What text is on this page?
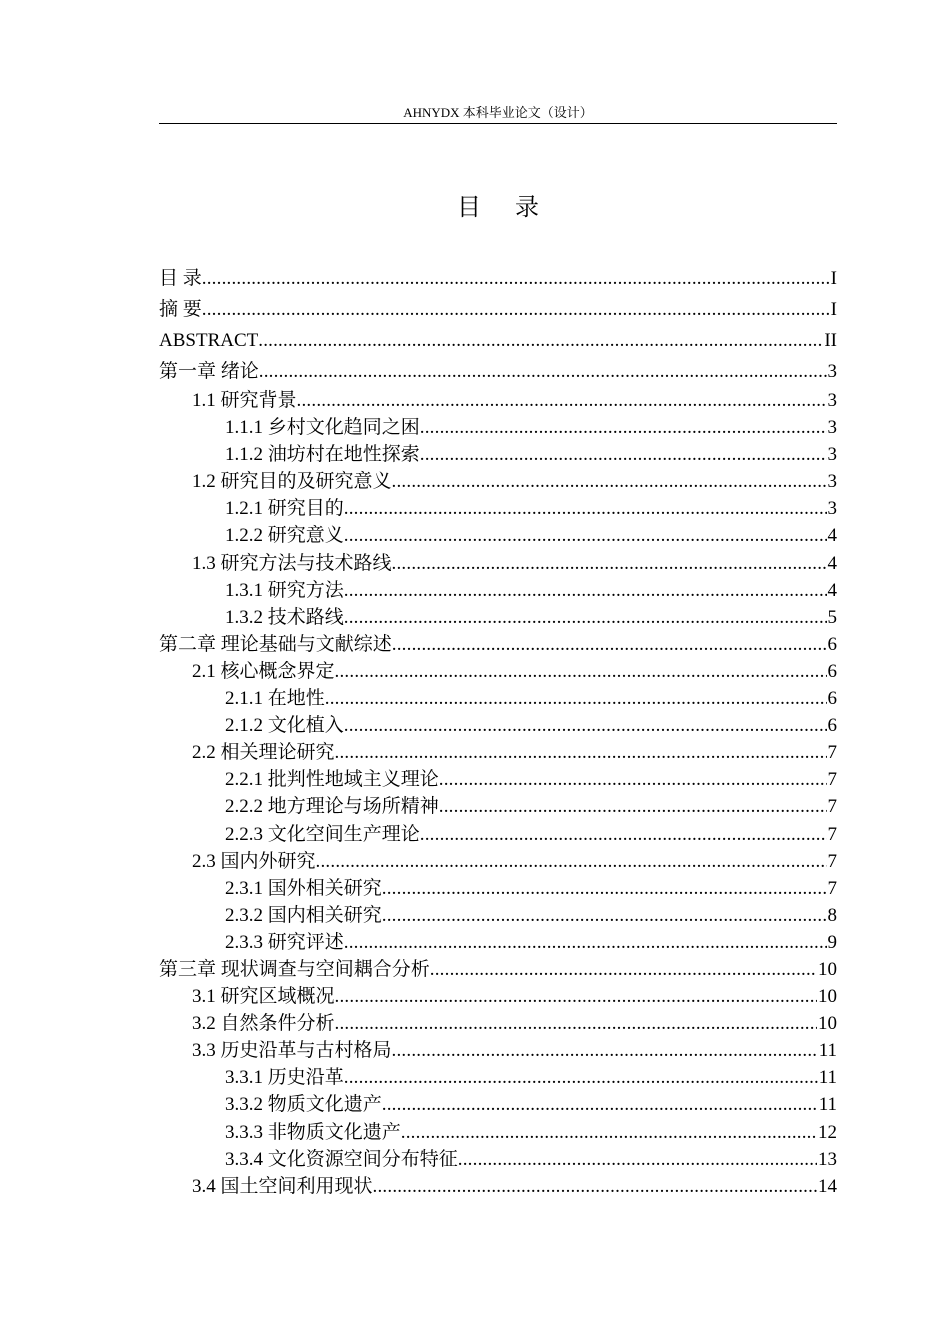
AHNYDX 本科毕业论文（设计）
目 录
目 录 .....	I
摘 要 .....	I
ABSTRACT .....	II
第一章 绪论 .....	3
1.1 研究背景 .....	3
1.1.1 乡村文化趋同之困 .....	3
1.1.2 油坊村在地性探索 .....	3
1.2 研究目的及研究意义 .....	3
1.2.1 研究目的 .....	3
1.2.2 研究意义 .....	4
1.3 研究方法与技术路线 .....	4
1.3.1 研究方法 .....	4
1.3.2 技术路线 .....	5
第二章 理论基础与文献综述 .....	6
2.1 核心概念界定 .....	6
2.1.1 在地性 .....	6
2.1.2 文化植入 .....	6
2.2 相关理论研究 .....	7
2.2.1 批判性地域主义理论 .....	7
2.2.2 地方理论与场所精神 .....	7
2.2.3 文化空间生产理论 .....	7
2.3 国内外研究 .....	7
2.3.1 国外相关研究 .....	7
2.3.2 国内相关研究 .....	8
2.3.3 研究评述 .....	9
第三章 现状调查与空间耦合分析 .....	10
3.1 研究区域概况 .....	10
3.2 自然条件分析 .....	10
3.3 历史沿革与古村格局 .....	11
3.3.1 历史沿革 .....	11
3.3.2 物质文化遗产 .....	11
3.3.3 非物质文化遗产 .....	12
3.3.4 文化资源空间分布特征 .....	13
3.4 国土空间利用现状 .....	14
